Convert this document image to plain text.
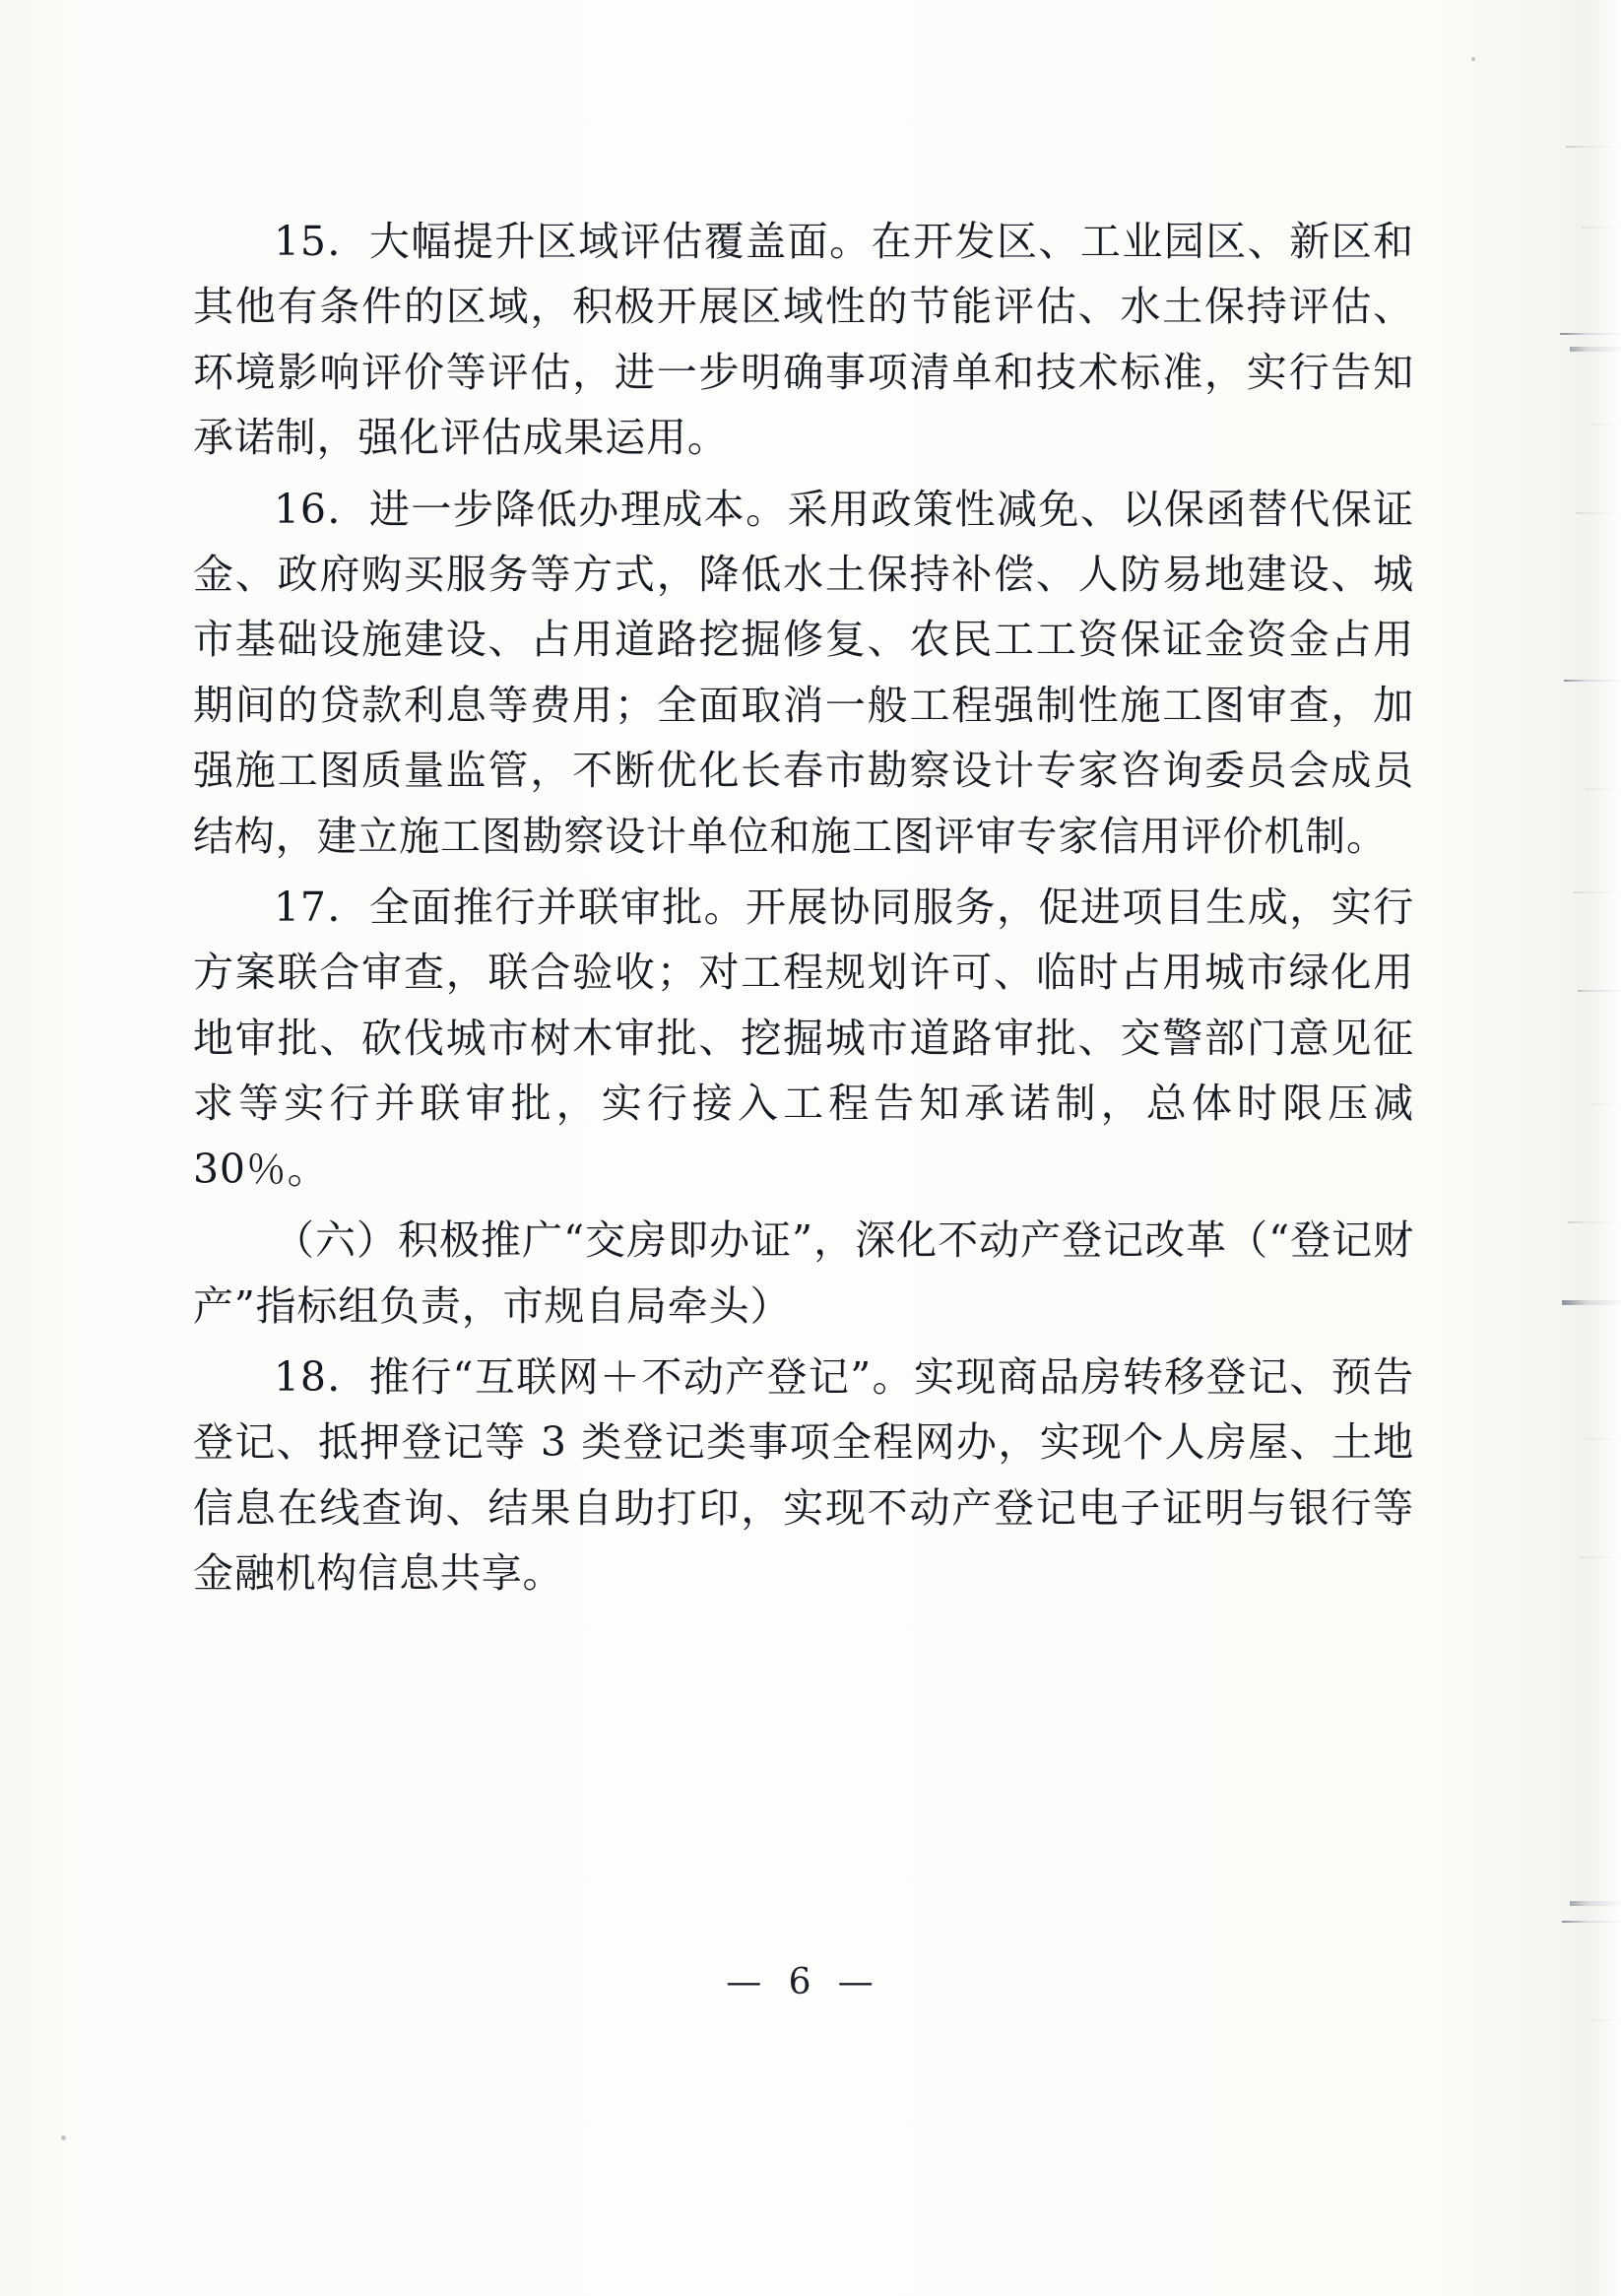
15．大幅提升区域评估覆盖面。在开发区、工业园区、新区和其他有条件的区域，积极开展区域性的节能评估、水土保持评估、环境影响评价等评估，进一步明确事项清单和技术标准，实行告知承诺制，强化评估成果运用。

16．进一步降低办理成本。采用政策性减免、以保函替代保证金、政府购买服务等方式，降低水土保持补偿、人防易地建设、城市基础设施建设、占用道路挖掘修复、农民工工资保证金资金占用期间的贷款利息等费用；全面取消一般工程强制性施工图审查，加强施工图质量监管，不断优化长春市勘察设计专家咨询委员会成员结构，建立施工图勘察设计单位和施工图评审专家信用评价机制。

17．全面推行并联审批。开展协同服务，促进项目生成，实行方案联合审查，联合验收；对工程规划许可、临时占用城市绿化用地审批、砍伐城市树木审批、挖掘城市道路审批、交警部门意见征求等实行并联审批，实行接入工程告知承诺制，总体时限压减 30％。

（六）积极推广“交房即办证”，深化不动产登记改革（“登记财产”指标组负责，市规自局牵头）

18．推行“互联网＋不动产登记”。实现商品房转移登记、预告登记、抵押登记等 3 类登记类事项全程网办，实现个人房屋、土地信息在线查询、结果自助打印，实现不动产登记电子证明与银行等金融机构信息共享。

— 6 —
